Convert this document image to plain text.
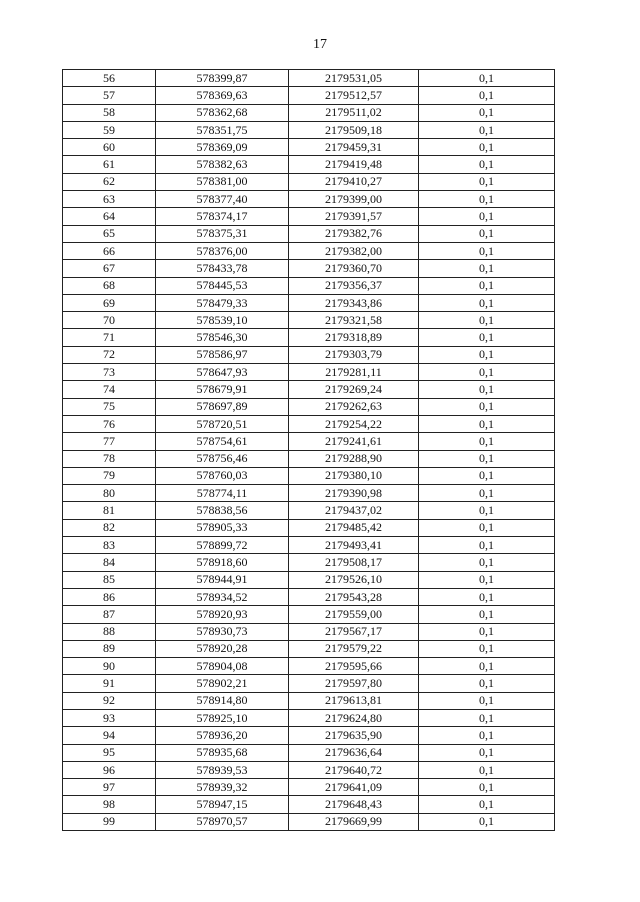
17
56	578399,87	2179531,05	0,1
57	578369,63	2179512,57	0,1
58	578362,68	2179511,02	0,1
59	578351,75	2179509,18	0,1
60	578369,09	2179459,31	0,1
61	578382,63	2179419,48	0,1
62	578381,00	2179410,27	0,1
63	578377,40	2179399,00	0,1
64	578374,17	2179391,57	0,1
65	578375,31	2179382,76	0,1
66	578376,00	2179382,00	0,1
67	578433,78	2179360,70	0,1
68	578445,53	2179356,37	0,1
69	578479,33	2179343,86	0,1
70	578539,10	2179321,58	0,1
71	578546,30	2179318,89	0,1
72	578586,97	2179303,79	0,1
73	578647,93	2179281,11	0,1
74	578679,91	2179269,24	0,1
75	578697,89	2179262,63	0,1
76	578720,51	2179254,22	0,1
77	578754,61	2179241,61	0,1
78	578756,46	2179288,90	0,1
79	578760,03	2179380,10	0,1
80	578774,11	2179390,98	0,1
81	578838,56	2179437,02	0,1
82	578905,33	2179485,42	0,1
83	578899,72	2179493,41	0,1
84	578918,60	2179508,17	0,1
85	578944,91	2179526,10	0,1
86	578934,52	2179543,28	0,1
87	578920,93	2179559,00	0,1
88	578930,73	2179567,17	0,1
89	578920,28	2179579,22	0,1
90	578904,08	2179595,66	0,1
91	578902,21	2179597,80	0,1
92	578914,80	2179613,81	0,1
93	578925,10	2179624,80	0,1
94	578936,20	2179635,90	0,1
95	578935,68	2179636,64	0,1
96	578939,53	2179640,72	0,1
97	578939,32	2179641,09	0,1
98	578947,15	2179648,43	0,1
99	578970,57	2179669,99	0,1
